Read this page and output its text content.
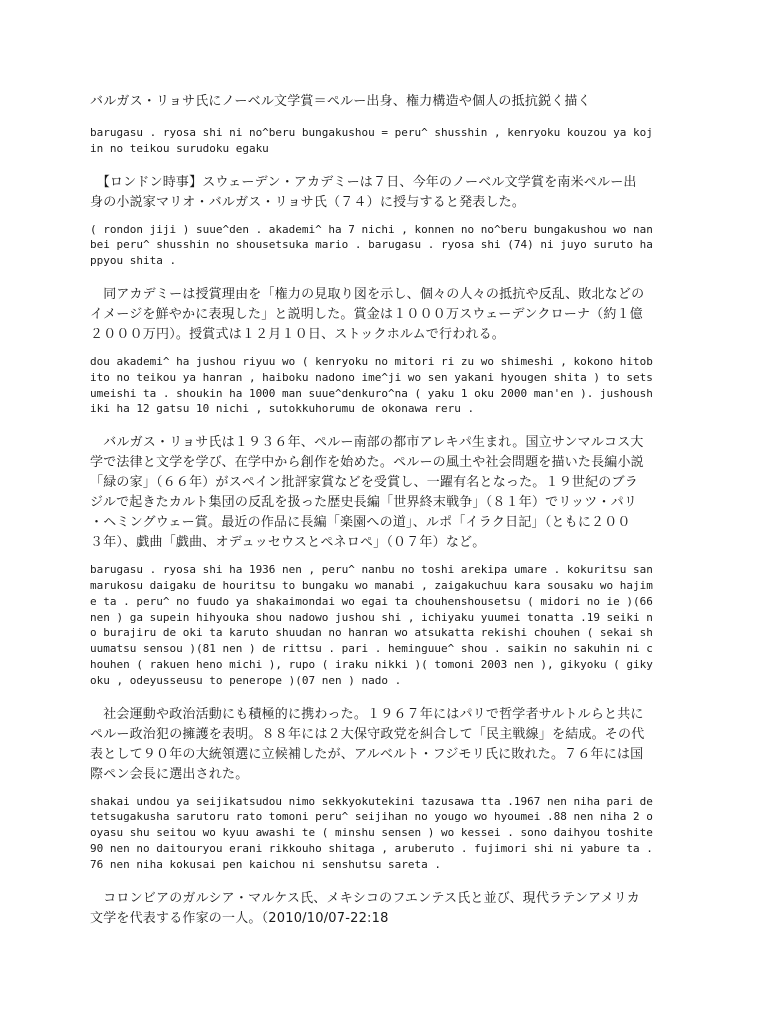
バルガス・リョサ氏にノーベル文学賞＝ペルー出身、権力構造や個人の抵抗鋭く描く

barugasu . ryosa shi ni no^beru bungakushou = peru^ shusshin , kenryoku kouzou ya koj
in no teikou surudoku egaku

　【ロンドン時事】スウェーデン・アカデミーは７日、今年のノーベル文学賞を南米ペルー出
身の小説家マリオ・バルガス・リョサ氏（７４）に授与すると発表した。

( rondon jiji ) suue^den . akademi^ ha 7 nichi , konnen no no^beru bungakushou wo nan
bei peru^ shusshin no shousetsuka mario . barugasu . ryosa shi (74) ni juyo suruto ha
ppyou shita .

　同アカデミーは授賞理由を「権力の見取り図を示し、個々の人々の抵抗や反乱、敗北などの
イメージを鮮やかに表現した」と説明した。賞金は１０００万スウェーデンクローナ（約１億
２０００万円）。授賞式は１２月１０日、ストックホルムで行われる。

dou akademi^ ha jushou riyuu wo ( kenryoku no mitori ri zu wo shimeshi , kokono hitob
ito no teikou ya hanran , haiboku nadono ime^ji wo sen yakani hyougen shita ) to sets
umeishi ta . shoukin ha 1000 man suue^denkuro^na ( yaku 1 oku 2000 man'en ). jushoush
iki ha 12 gatsu 10 nichi , sutokkuhorumu de okonawa reru .

　バルガス・リョサ氏は１９３６年、ペルー南部の都市アレキパ生まれ。国立サンマルコス大
学で法律と文学を学び、在学中から創作を始めた。ペルーの風土や社会問題を描いた長編小説
「緑の家」（６６年）がスペイン批評家賞などを受賞し、一躍有名となった。１９世紀のブラ
ジルで起きたカルト集団の反乱を扱った歴史長編「世界終末戦争」（８１年）でリッツ・パリ
・ヘミングウェー賞。最近の作品に長編「楽園への道」、ルポ「イラク日記」（ともに２００
３年）、戯曲「戯曲、オデュッセウスとペネロペ」（０７年）など。

barugasu . ryosa shi ha 1936 nen , peru^ nanbu no toshi arekipa umare . kokuritsu san
marukosu daigaku de houritsu to bungaku wo manabi , zaigakuchuu kara sousaku wo hajim
e ta . peru^ no fuudo ya shakaimondai wo egai ta chouhenshousetsu ( midori no ie )(66
nen ) ga supein hihyouka shou nadowo jushou shi , ichiyaku yuumei tonatta .19 seiki n
o burajiru de oki ta karuto shuudan no hanran wo atsukatta rekishi chouhen ( sekai sh
uumatsu sensou )(81 nen ) de rittsu . pari . heminguue^ shou . saikin no sakuhin ni c
houhen ( rakuen heno michi ), rupo ( iraku nikki )( tomoni 2003 nen ), gikyoku ( giky
oku , odeyusseusu to penerope )(07 nen ) nado .

　社会運動や政治活動にも積極的に携わった。１９６７年にはパリで哲学者サルトルらと共に
ペルー政治犯の擁護を表明。８８年には２大保守政党を糾合して「民主戦線」を結成。その代
表として９０年の大統領選に立候補したが、アルベルト・フジモリ氏に敗れた。７６年には国
際ペン会長に選出された。

shakai undou ya seijikatsudou nimo sekkyokutekini tazusawa tta .1967 nen niha pari de
tetsugakusha sarutoru rato tomoni peru^ seijihan no yougo wo hyoumei .88 nen niha 2 o
oyasu shu seitou wo kyuu awashi te ( minshu sensen ) wo kessei . sono daihyou toshite
90 nen no daitouryou erani rikkouho shitaga , aruberuto . fujimori shi ni yabure ta .
76 nen niha kokusai pen kaichou ni senshutsu sareta .

　コロンビアのガルシア・マルケス氏、メキシコのフエンテス氏と並び、現代ラテンアメリカ
文学を代表する作家の一人。（2010/10/07-22:18
